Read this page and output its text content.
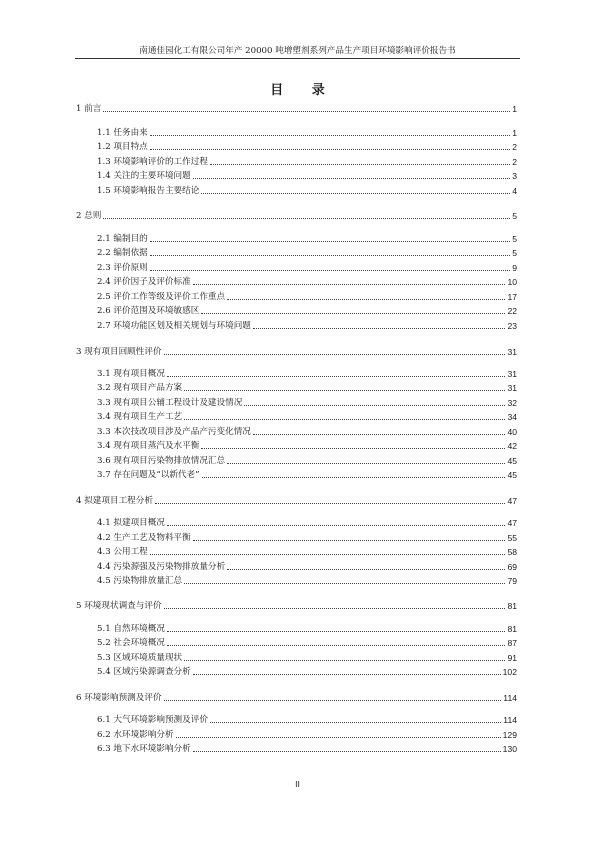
南通佳园化工有限公司年产 20000 吨增塑剂系列产品生产项目环境影响评价报告书
目 录
1 前言	1
1.1 任务由来	1
1.2 项目特点	2
1.3 环境影响评价的工作过程	2
1.4 关注的主要环境问题	3
1.5 环境影响报告主要结论	4
2 总则	5
2.1 编制目的	5
2.2 编制依据	5
2.3 评价原则	9
2.4 评价因子及评价标准	10
2.5 评价工作等级及评价工作重点	17
2.6 评价范围及环境敏感区	22
2.7 环境功能区划及相关规划与环境问题	23
3 现有项目回顾性评价	31
3.1 现有项目概况	31
3.2 现有项目产品方案	31
3.3 现有项目公辅工程设计及建设情况	32
3.4 现有项目生产工艺	34
3.3 本次技改项目涉及产品产污变化情况	40
3.4 现有项目蒸汽及水平衡	42
3.6 现有项目污染物排放情况汇总	45
3.7 存在问题及“以新代老”	45
4 拟建项目工程分析	47
4.1 拟建项目概况	47
4.2 生产工艺及物料平衡	55
4.3 公用工程	58
4.4 污染源强及污染物排放量分析	69
4.5 污染物排放量汇总	79
5 环境现状调查与评价	81
5.1 自然环境概况	81
5.2 社会环境概况	87
5.3 区域环境质量现状	91
5.4 区域污染源调查分析	102
6 环境影响预测及评价	114
6.1 大气环境影响预测及评价	114
6.2 水环境影响分析	129
6.3 地下水环境影响分析	130
II
